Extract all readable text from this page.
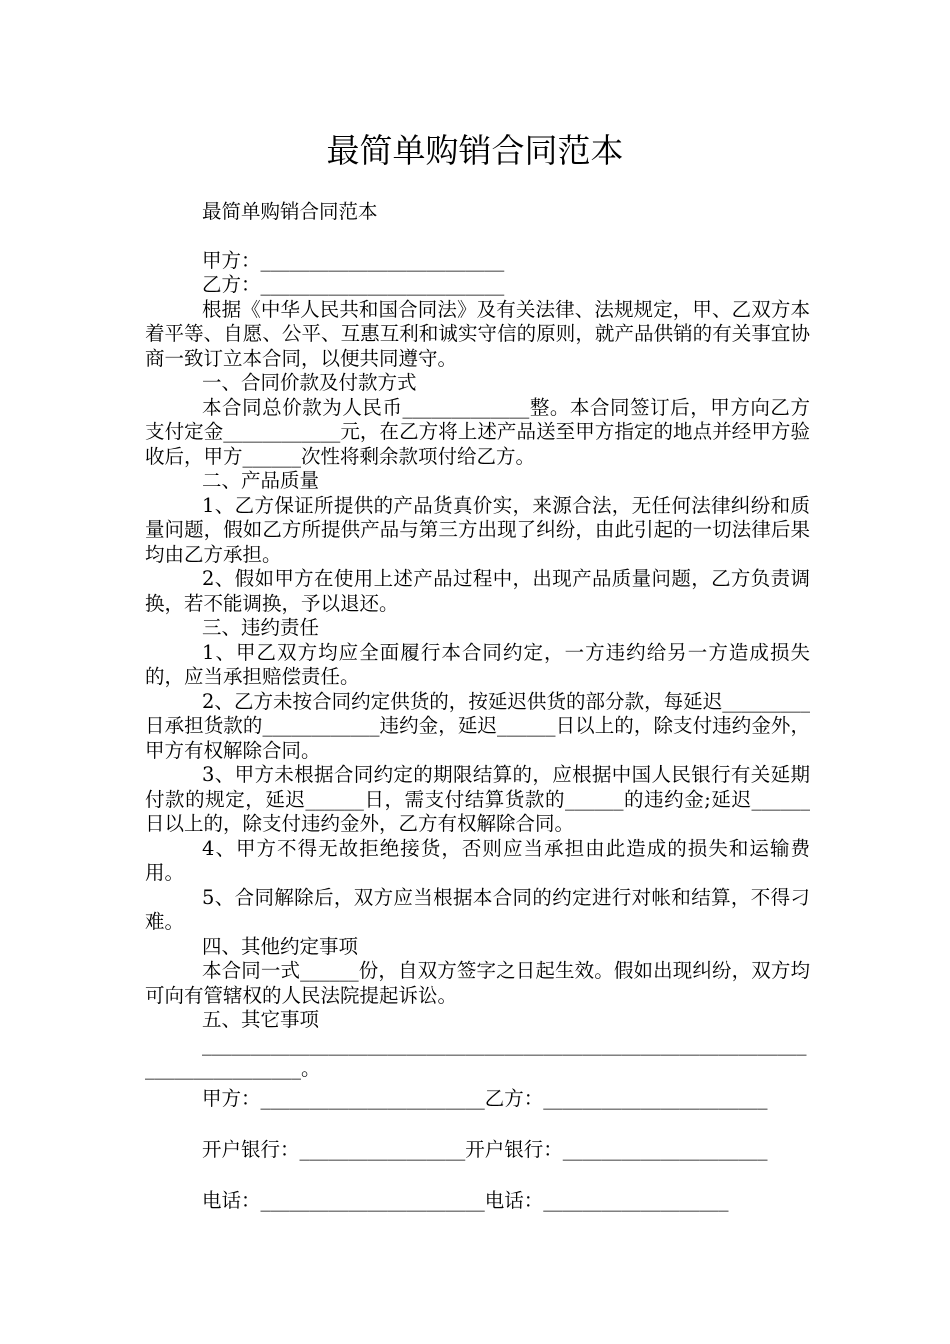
最简单购销合同范本

最简单购销合同范本

甲方：_________________________

乙方：_________________________

根据《中华人民共和国合同法》及有关法律、法规规定，甲、乙双方本着平等、自愿、公平、互惠互利和诚实守信的原则，就产品供销的有关事宜协商一致订立本合同，以便共同遵守。

一、合同价款及付款方式

本合同总价款为人民币_____________整。本合同签订后，甲方向乙方支付定金____________元，在乙方将上述产品送至甲方指定的地点并经甲方验收后，甲方______次性将剩余款项付给乙方。

二、产品质量

1、乙方保证所提供的产品货真价实，来源合法，无任何法律纠纷和质量问题，假如乙方所提供产品与第三方出现了纠纷，由此引起的一切法律后果均由乙方承担。

2、假如甲方在使用上述产品过程中，出现产品质量问题，乙方负责调换，若不能调换，予以退还。

三、违约责任

1、甲乙双方均应全面履行本合同约定，一方违约给另一方造成损失的，应当承担赔偿责任。

2、乙方未按合同约定供货的，按延迟供货的部分款，每延迟_________日承担货款的____________违约金，延迟______日以上的，除支付违约金外，甲方有权解除合同。

3、甲方未根据合同约定的期限结算的，应根据中国人民银行有关延期付款的规定，延迟______日，需支付结算货款的______的违约金;延迟______日以上的，除支付违约金外，乙方有权解除合同。

4、甲方不得无故拒绝接货，否则应当承担由此造成的损失和运输费用。

5、合同解除后，双方应当根据本合同的约定进行对帐和结算，不得刁难。

四、其他约定事项

本合同一式______份，自双方签字之日起生效。假如出现纠纷，双方均可向有管辖权的人民法院提起诉讼。

五、其它事项

______________________________________________________________________________。

甲方：_______________________乙方：_______________________

开户银行：_________________开户银行：_____________________

电话：_______________________电话：___________________
